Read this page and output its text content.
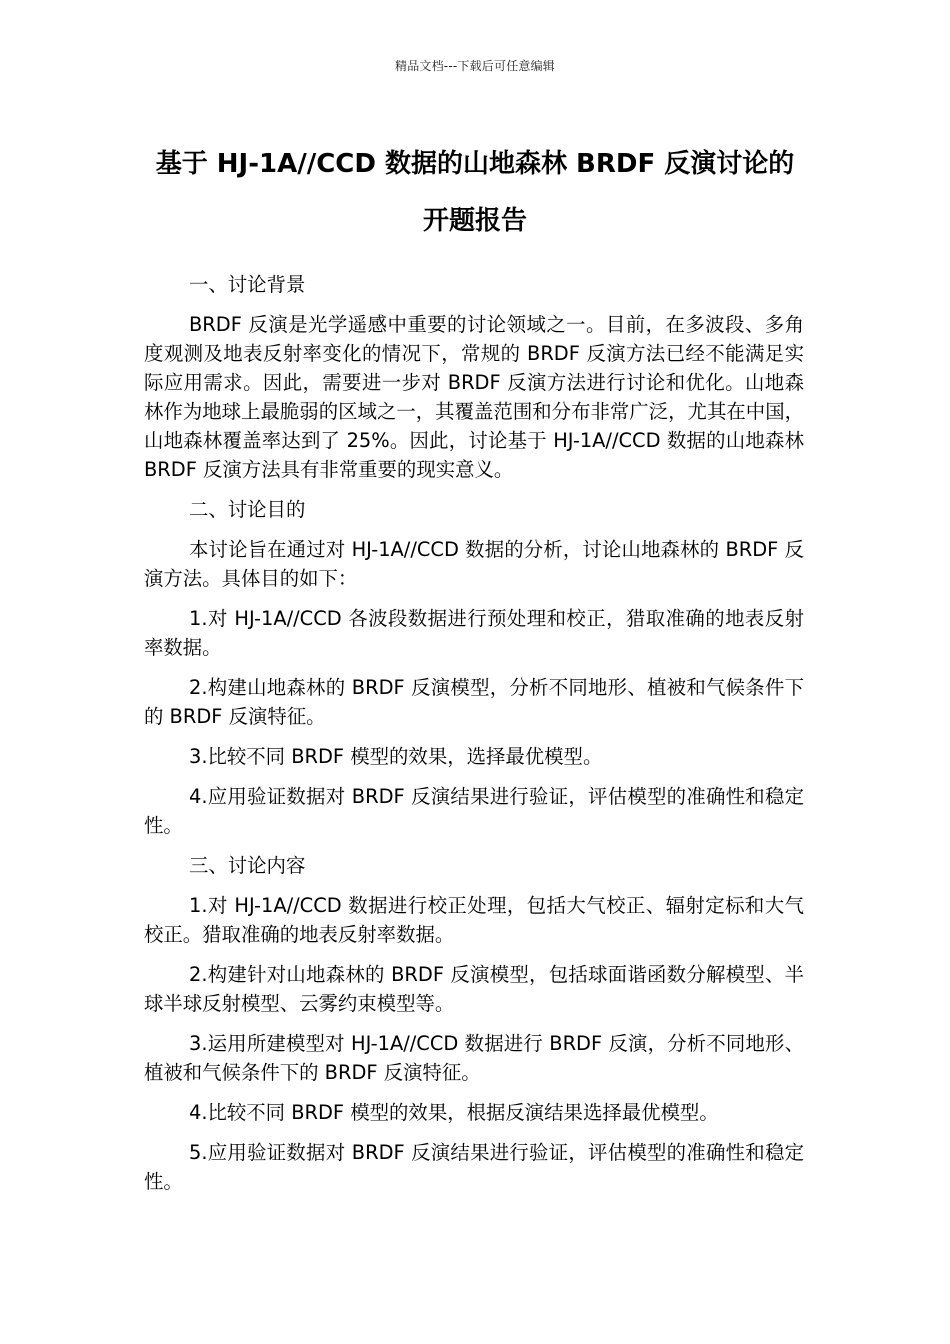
精品文档---下载后可任意编辑
基于 HJ-1A//CCD 数据的山地森林 BRDF 反演讨论的
开题报告
一、讨论背景

BRDF 反演是光学遥感中重要的讨论领域之一。目前，在多波段、多角度观测及地表反射率变化的情况下，常规的 BRDF 反演方法已经不能满足实际应用需求。因此，需要进一步对 BRDF 反演方法进行讨论和优化。山地森林作为地球上最脆弱的区域之一，其覆盖范围和分布非常广泛，尤其在中国，山地森林覆盖率达到了 25%。因此，讨论基于 HJ-1A//CCD 数据的山地森林 BRDF 反演方法具有非常重要的现实意义。

二、讨论目的

本讨论旨在通过对 HJ-1A//CCD 数据的分析，讨论山地森林的 BRDF 反演方法。具体目的如下：

1.对 HJ-1A//CCD 各波段数据进行预处理和校正，猎取准确的地表反射率数据。

2.构建山地森林的 BRDF 反演模型，分析不同地形、植被和气候条件下的 BRDF 反演特征。

3.比较不同 BRDF 模型的效果，选择最优模型。

4.应用验证数据对 BRDF 反演结果进行验证，评估模型的准确性和稳定性。

三、讨论内容

1.对 HJ-1A//CCD 数据进行校正处理，包括大气校正、辐射定标和大气校正。猎取准确的地表反射率数据。

2.构建针对山地森林的 BRDF 反演模型，包括球面谐函数分解模型、半球半球反射模型、云雾约束模型等。

3.运用所建模型对 HJ-1A//CCD 数据进行 BRDF 反演，分析不同地形、植被和气候条件下的 BRDF 反演特征。

4.比较不同 BRDF 模型的效果，根据反演结果选择最优模型。

5.应用验证数据对 BRDF 反演结果进行验证，评估模型的准确性和稳定性。
